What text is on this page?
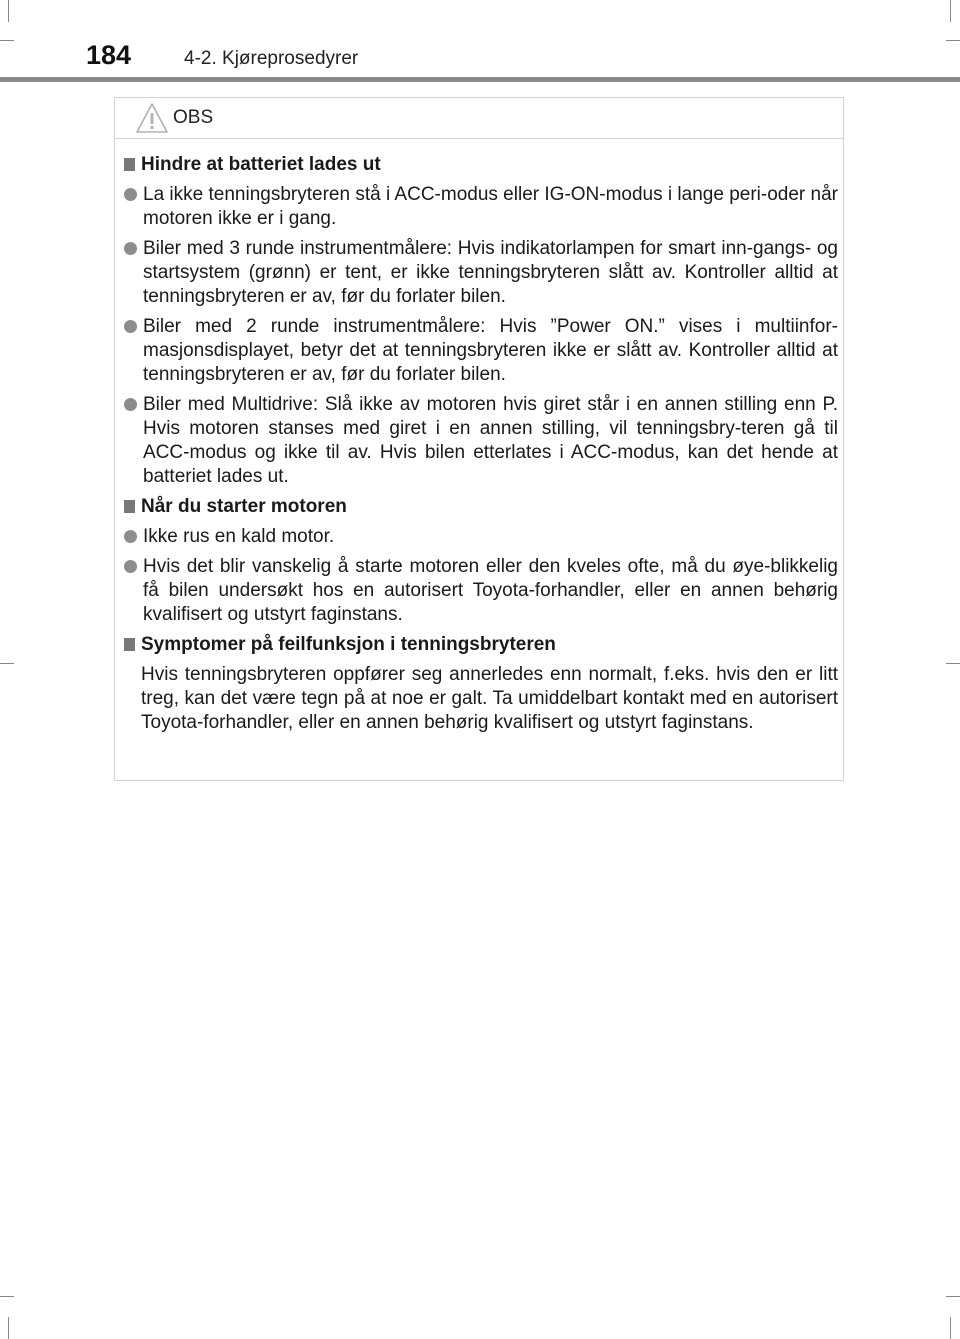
184	4-2. Kjøreprosedyrer
OBS
Hindre at batteriet lades ut
La ikke tenningsbryteren stå i ACC-modus eller IG-ON-modus i lange peri-oder når motoren ikke er i gang.
Biler med 3 runde instrumentmålere: Hvis indikatorlampen for smart inn-gangs- og startsystem (grønn) er tent, er ikke tenningsbryteren slått av. Kontroller alltid at tenningsbryteren er av, før du forlater bilen.
Biler med 2 runde instrumentmålere: Hvis ”Power ON.” vises i multiinfor-masjonsdisplayet, betyr det at tenningsbryteren ikke er slått av. Kontroller alltid at tenningsbryteren er av, før du forlater bilen.
Biler med Multidrive: Slå ikke av motoren hvis giret står i en annen stilling enn P. Hvis motoren stanses med giret i en annen stilling, vil tenningsbry-teren gå til ACC-modus og ikke til av. Hvis bilen etterlates i ACC-modus, kan det hende at batteriet lades ut.
Når du starter motoren
Ikke rus en kald motor.
Hvis det blir vanskelig å starte motoren eller den kveles ofte, må du øye-blikkelig få bilen undersøkt hos en autorisert Toyota-forhandler, eller en annen behørig kvalifisert og utstyrt faginstans.
Symptomer på feilfunksjon i tenningsbryteren
Hvis tenningsbryteren oppfører seg annerledes enn normalt, f.eks. hvis den er litt treg, kan det være tegn på at noe er galt. Ta umiddelbart kontakt med en autorisert Toyota-forhandler, eller en annen behørig kvalifisert og utstyrt faginstans.
